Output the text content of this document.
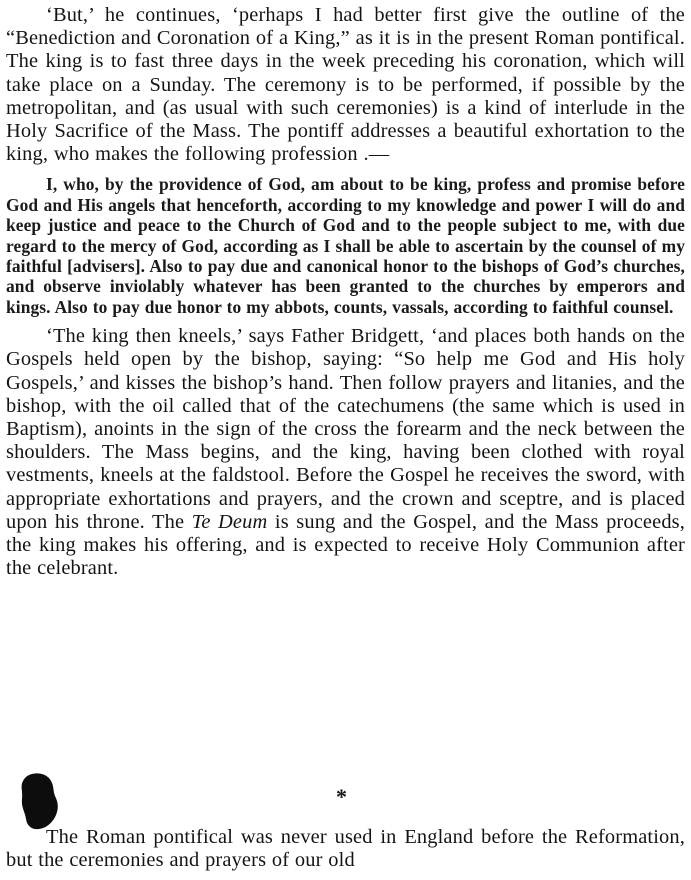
‘But,’ he continues, ‘perhaps I had better first give the outline of the “Benediction and Coronation of a King,” as it is in the present Roman pontifical. The king is to fast three days in the week preceding his coronation, which will take place on a Sunday. The ceremony is to be performed, if possible by the metropolitan, and (as usual with such ceremonies) is a kind of interlude in the Holy Sacrifice of the Mass. The pontiff addresses a beautiful exhortation to the king, who makes the following profession .—

I, who, by the providence of God, am about to be king, profess and promise before God and His angels that henceforth, according to my knowledge and power I will do and keep justice and peace to the Church of God and to the people subject to me, with due regard to the mercy of God, according as I shall be able to ascertain by the counsel of my faithful [advisers]. Also to pay due and canonical honor to the bishops of God’s churches, and observe inviolably whatever has been granted to the churches by emperors and kings. Also to pay due honor to my abbots, counts, vassals, according to faithful counsel.

‘The king then kneels,’ says Father Bridgett, ‘and places both hands on the Gospels held open by the bishop, saying: “So help me God and His holy Gospels,’ and kisses the bishop’s hand. Then follow prayers and litanies, and the bishop, with the oil called that of the catechumens (the same which is used in Baptism), anoints in the sign of the cross the forearm and the neck between the shoulders. The Mass begins, and the king, having been clothed with royal vestments, kneels at the faldstool. Before the Gospel he receives the sword, with appropriate exhortations and prayers, and the crown and sceptre, and is placed upon his throne. The Te Deum is sung and the Gospel, and the Mass proceeds, the king makes his offering, and is expected to receive Holy Communion after the celebrant.

*

The Roman pontifical was never used in England before the Reformation, but the ceremonies and prayers of our old
